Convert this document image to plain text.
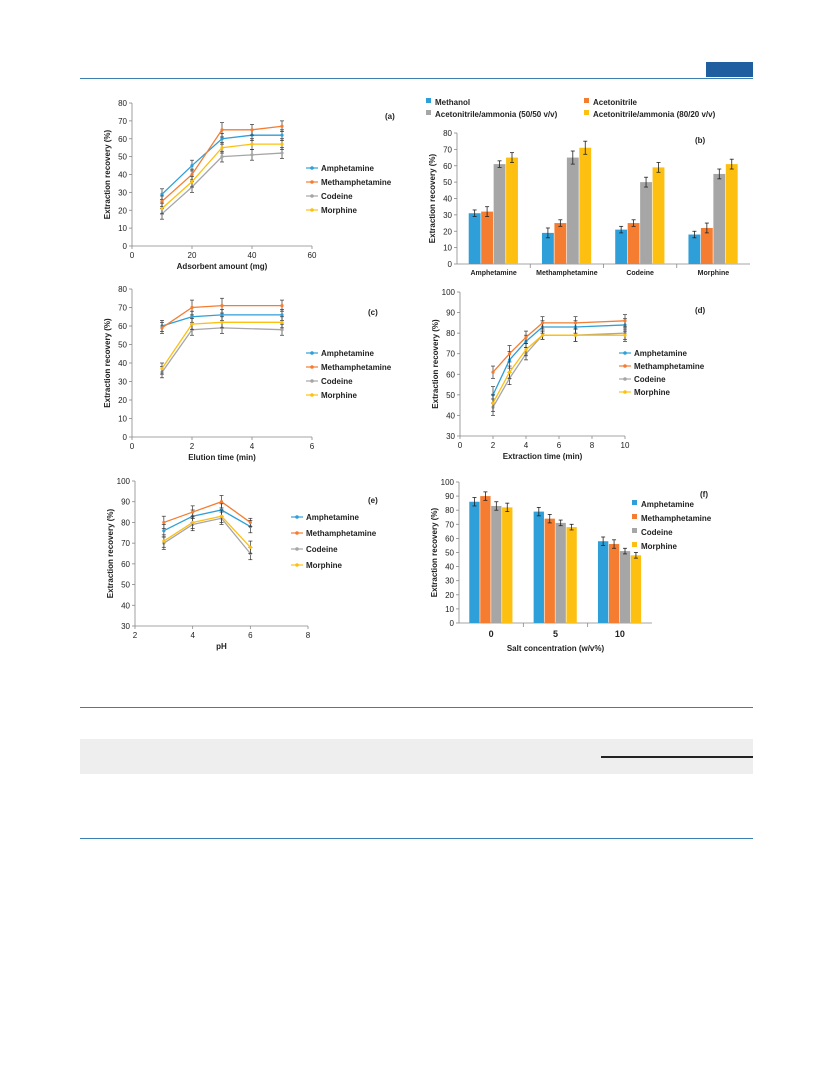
0
10
20
30
40
50
60
70
80
Extraction recovery (%)
(a)
0	20	40	60
Adsorbent amount (mg)
Amphetamine
Methamphetamine
Codeine
Morphine
0
10
20
30
40
50
60
70
80
Extraction recovery (%)
(b)
Amphetamine	Methamphetamine	Codeine	Morphine
Methanol	Acetonitrile
Acetonitrile/ammonia (50/50 v/v)	Acetonitrile/ammonia (80/20 v/v)
0
10
20
30
40
50
60
70
80
Extraction recovery (%)
(c)
0	2	4	6
Elution time (min)
Amphetamine
Methamphetamine
Codeine
Morphine
30
40
50
60
70
80
90
100
Extraction recovery (%)
(d)
0	2	4	6	8	10
Extraction time (min)
Amphetamine
Methamphetamine
Codeine
Morphine
30
40
50
60
70
80
90
100
Extraction recovery (%)
(e)
2	4	6	8
pH
Amphetamine
Methamphetamine
Codeine
Morphine
0
10
20
30
40
50
60
70
80
90
100
Extraction recovery (%)
(f)
0	5	10
Salt concentration (w/v%)
Amphetamine
Methamphetamine
Codeine
Morphine
